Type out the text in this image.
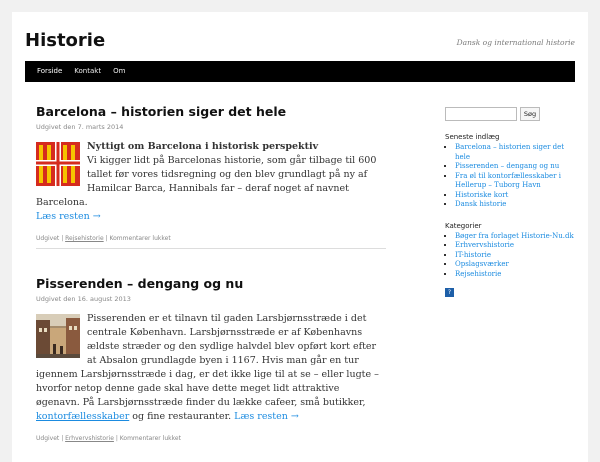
Historie	Dansk og international historie
Forside	Kontakt	Om
Barcelona – historien siger det hele
Udgivet den 7. marts 2014
Nyttigt om Barcelona i historisk perspektiv
Vi kigger lidt på Barcelonas historie, som går tilbage til 600 tallet før vores tidsregning og den blev grundlagt på ny af Hamilcar Barca, Hannibals far – deraf noget af navnet Barcelona.
Læs resten →
Udgivet | Rejsehistorie | Kommentarer lukket
Pisserenden – dengang og nu
Udgivet den 16. august 2013
Pisserenden er et tilnavn til gaden Larsbjørnsstræde i det centrale København. Larsbjørnsstræde er af Københavns ældste stræder og den sydlige halvdel blev opført kort efter at Absalon grundlagde byen i 1167. Hvis man går en tur igennem Larsbjørnsstræde i dag, er det ikke lige til at se – eller lugte – hvorfor netop denne gade skal have dette meget lidt attraktive øgenavn. På Larsbjørnsstræde finder du lække cafeer, små butikker, kontorfællesskaber og fine restauranter. Læs resten →
Udgivet | Erhvervshistorie | Kommentarer lukket
Søg
Seneste indlæg
▪ Barcelona – historien siger det hele
▪ Pisserenden – dengang og nu
▪ Fra øl til kontorfællesskaber i Hellerup – Tuborg Havn
▪ Historiske kort
▪ Dansk historie
Kategorier
▪ Bøger fra forlaget Historie-Nu.dk
▪ Erhvervshistorie
▪ IT-historie
▪ Opslagsværker
▪ Rejsehistorie
?
